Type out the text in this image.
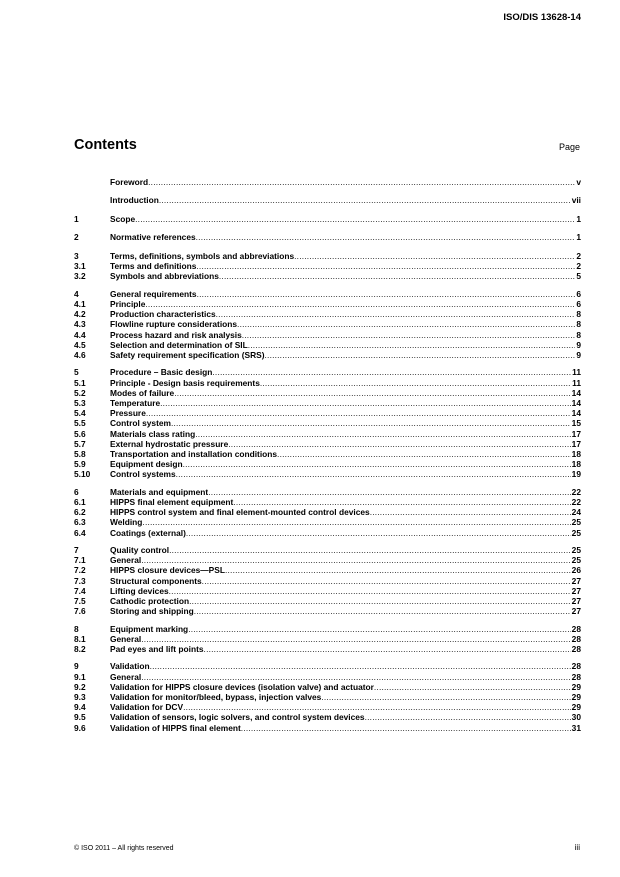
ISO/DIS 13628-14
Contents	Page
Foreword .....	v
Introduction .....	vii
1	Scope .....	1
2	Normative references .....	1
3	Terms, definitions, symbols and abbreviations .....	2
3.1	Terms and definitions .....	2
3.2	Symbols and abbreviations .....	5
4	General requirements .....	6
4.1	Principle .....	6
4.2	Production characteristics .....	8
4.3	Flowline rupture considerations .....	8
4.4	Process hazard and risk analysis .....	8
4.5	Selection and determination of SIL .....	9
4.6	Safety requirement specification (SRS) .....	9
5	Procedure – Basic design .....	11
5.1	Principle - Design basis requirements .....	11
5.2	Modes of failure .....	14
5.3	Temperature .....	14
5.4	Pressure .....	14
5.5	Control system .....	15
5.6	Materials class rating .....	17
5.7	External hydrostatic pressure .....	17
5.8	Transportation and installation conditions .....	18
5.9	Equipment design .....	18
5.10	Control systems .....	19
6	Materials and equipment .....	22
6.1	HIPPS final element equipment .....	22
6.2	HIPPS control system and final element-mounted control devices .....	24
6.3	Welding .....	25
6.4	Coatings (external) .....	25
7	Quality control .....	25
7.1	General .....	25
7.2	HIPPS closure devices—PSL .....	26
7.3	Structural components .....	27
7.4	Lifting devices .....	27
7.5	Cathodic protection .....	27
7.6	Storing and shipping .....	27
8	Equipment marking .....	28
8.1	General .....	28
8.2	Pad eyes and lift points .....	28
9	Validation .....	28
9.1	General .....	28
9.2	Validation for HIPPS closure devices (isolation valve) and actuator .....	29
9.3	Validation for monitor/bleed, bypass, injection valves .....	29
9.4	Validation for DCV .....	29
9.5	Validation of sensors, logic solvers, and control system devices .....	30
9.6	Validation of HIPPS final element .....	31
© ISO 2011 – All rights reserved	iii
